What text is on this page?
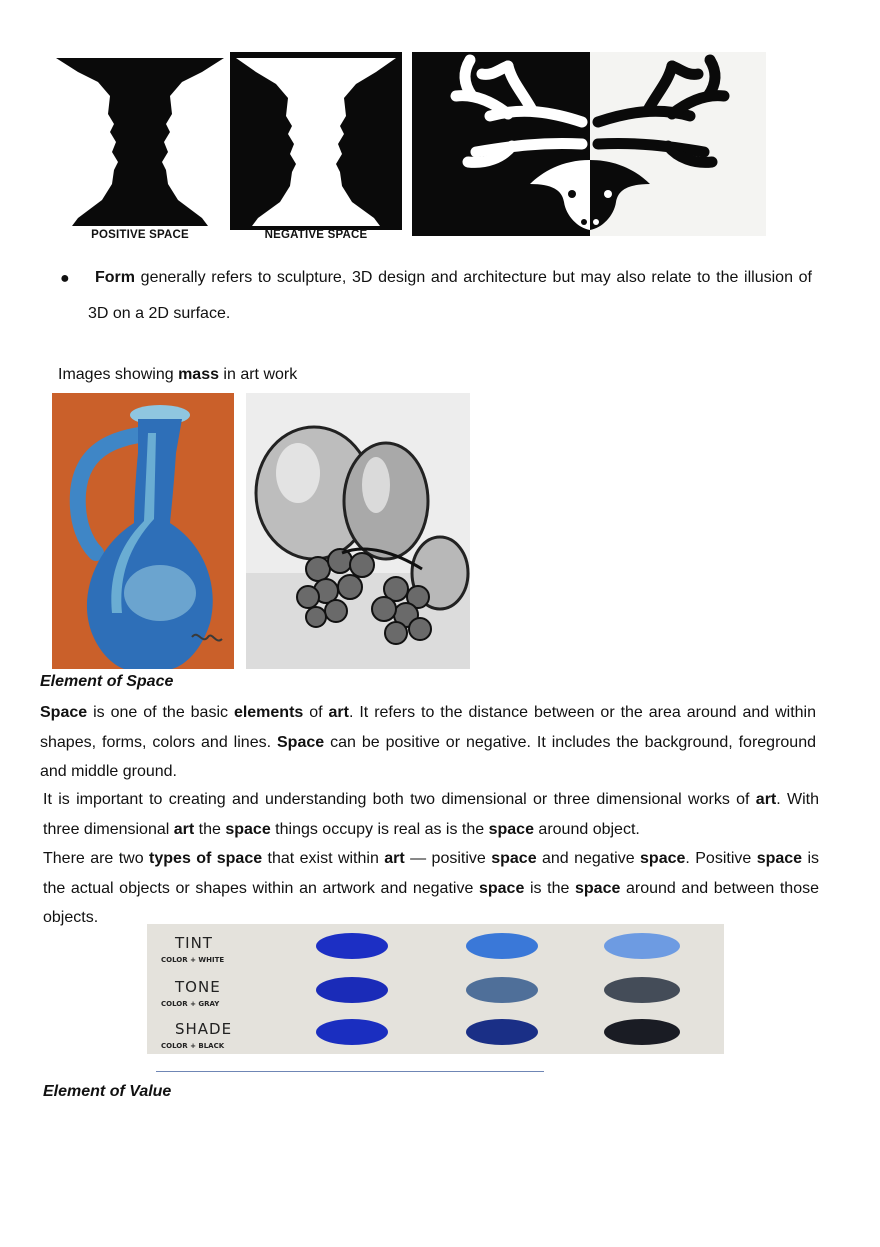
POSITIVE SPACE	NEGATIVE SPACE
●	Form generally refers to sculpture, 3D design and architecture but may also relate to the illusion of 3D on a 2D surface.
Images showing mass in art work
Element of Space
Space is one of the basic elements of art. It refers to the distance between or the area around and within shapes, forms, colors and lines. Space can be positive or negative. It includes the background, foreground and middle ground.
It is important to creating and understanding both two dimensional or three dimensional works of art. With three dimensional art the space things occupy is real as is the space around object.
There are two types of space that exist within art — positive space and negative space. Positive space is the actual objects or shapes within an artwork and negative space is the space around and between those objects.
TINT
COLOR + WHITE
TONE
COLOR + GRAY
SHADE
COLOR + BLACK
Element of Value
